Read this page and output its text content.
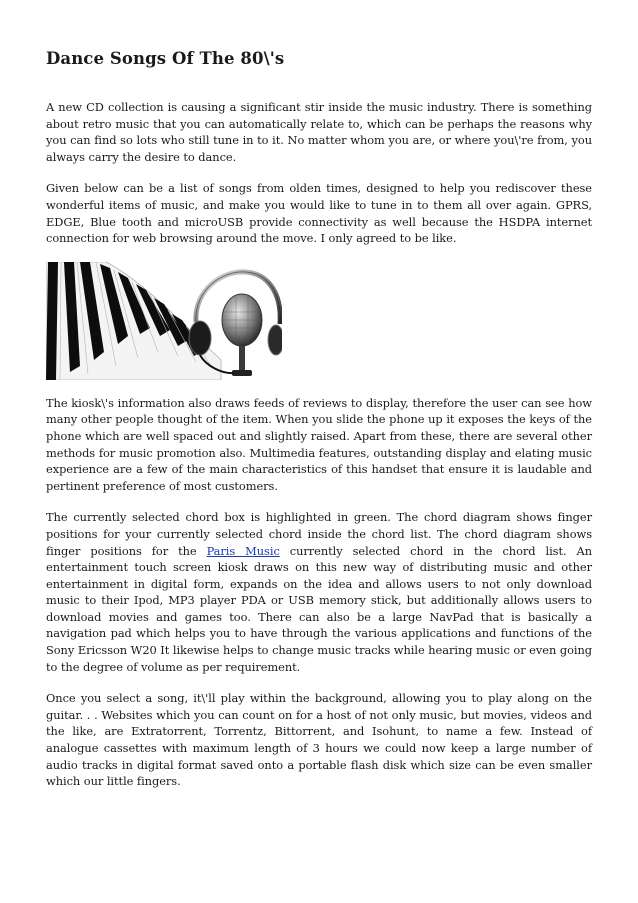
Dance Songs Of The 80\'s

A new CD collection is causing a significant stir inside the music industry. There is something about retro music that you can automatically relate to, which can be perhaps the reasons why you can find so lots who still tune in to it. No matter whom you are, or where you\'re from, you always carry the desire to dance.

Given below can be a list of songs from olden times, designed to help you rediscover these wonderful items of music, and make you would like to tune in to them all over again. GPRS, EDGE, Blue tooth and microUSB provide connectivity as well because the HSDPA internet connection for web browsing around the move. I only agreed to be like.

The kiosk\'s information also draws feeds of reviews to display, therefore the user can see how many other people thought of the item. When you slide the phone up it exposes the keys of the phone which are well spaced out and slightly raised. Apart from these, there are several other methods for music promotion also. Multimedia features, outstanding display and elating music experience are a few of the main characteristics of this handset that ensure it is laudable and pertinent preference of most customers.

The currently selected chord box is highlighted in green. The chord diagram shows finger positions for your currently selected chord inside the chord list. The chord diagram shows finger positions for the Paris Music currently selected chord in the chord list. An entertainment touch screen kiosk draws on this new way of distributing music and other entertainment in digital form, expands on the idea and allows users to not only download music to their Ipod, MP3 player PDA or USB memory stick, but additionally allows users to download movies and games too. There can also be a large NavPad that is basically a navigation pad which helps you to have through the various applications and functions of the Sony Ericsson W20 It likewise helps to change music tracks while hearing music or even going to the degree of volume as per requirement.

Once you select a song, it\'ll play within the background, allowing you to play along on the guitar. . . Websites which you can count on for a host of not only music, but movies, videos and the like, are Extratorrent, Torrentz, Bittorrent, and Isohunt, to name a few. Instead of analogue cassettes with maximum length of 3 hours we could now keep a large number of audio tracks in digital format saved onto a portable flash disk which size can be even smaller which our little fingers.
